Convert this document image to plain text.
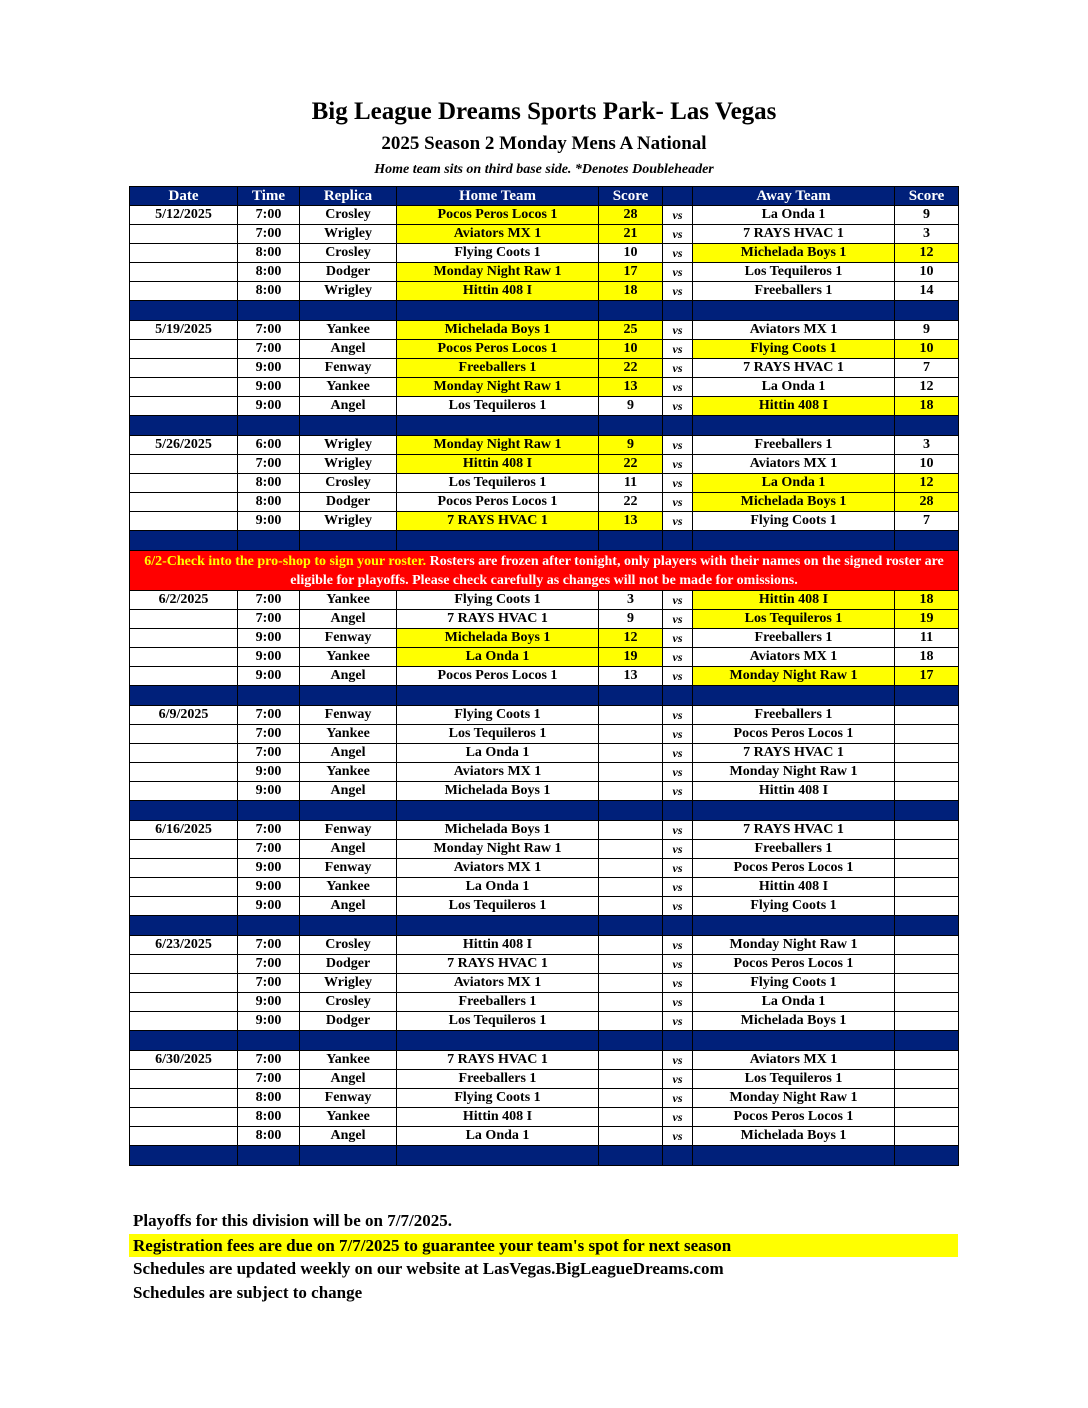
Big League Dreams Sports Park- Las Vegas
2025 Season 2 Monday Mens A National
Home team sits on third base side. *Denotes Doubleheader
Date	Time	Replica	Home Team	Score		Away Team	Score
5/12/2025	7:00	Crosley	Pocos Peros Locos 1	28	vs	La Onda 1	9
	7:00	Wrigley	Aviators MX 1	21	vs	7 RAYS HVAC 1	3
	8:00	Crosley	Flying Coots 1	10	vs	Michelada Boys 1	12
	8:00	Dodger	Monday Night Raw 1	17	vs	Los Tequileros 1	10
	8:00	Wrigley	Hittin 408 I	18	vs	Freeballers 1	14

5/19/2025	7:00	Yankee	Michelada Boys 1	25	vs	Aviators MX 1	9
	7:00	Angel	Pocos Peros Locos 1	10	vs	Flying Coots 1	10
	9:00	Fenway	Freeballers 1	22	vs	7 RAYS HVAC 1	7
	9:00	Yankee	Monday Night Raw 1	13	vs	La Onda 1	12
	9:00	Angel	Los Tequileros 1	9	vs	Hittin 408 I	18

5/26/2025	6:00	Wrigley	Monday Night Raw 1	9	vs	Freeballers 1	3
	7:00	Wrigley	Hittin 408 I	22	vs	Aviators MX 1	10
	8:00	Crosley	Los Tequileros 1	11	vs	La Onda 1	12
	8:00	Dodger	Pocos Peros Locos 1	22	vs	Michelada Boys 1	28
	9:00	Wrigley	7 RAYS HVAC 1	13	vs	Flying Coots 1	7

6/2-Check into the pro-shop to sign your roster. Rosters are frozen after tonight, only players with their names on the signed roster are eligible for playoffs. Please check carefully as changes will not be made for omissions.							
6/2/2025	7:00	Yankee	Flying Coots 1	3	vs	Hittin 408 I	18
	7:00	Angel	7 RAYS HVAC 1	9	vs	Los Tequileros 1	19
	9:00	Fenway	Michelada Boys 1	12	vs	Freeballers 1	11
	9:00	Yankee	La Onda 1	19	vs	Aviators MX 1	18
	9:00	Angel	Pocos Peros Locos 1	13	vs	Monday Night Raw 1	17

6/9/2025	7:00	Fenway	Flying Coots 1		vs	Freeballers 1	
	7:00	Yankee	Los Tequileros 1		vs	Pocos Peros Locos 1	
	7:00	Angel	La Onda 1		vs	7 RAYS HVAC 1	
	9:00	Yankee	Aviators MX 1		vs	Monday Night Raw 1	
	9:00	Angel	Michelada Boys 1		vs	Hittin 408 I	

6/16/2025	7:00	Fenway	Michelada Boys 1		vs	7 RAYS HVAC 1	
	7:00	Angel	Monday Night Raw 1		vs	Freeballers 1	
	9:00	Fenway	Aviators MX 1		vs	Pocos Peros Locos 1	
	9:00	Yankee	La Onda 1		vs	Hittin 408 I	
	9:00	Angel	Los Tequileros 1		vs	Flying Coots 1	

6/23/2025	7:00	Crosley	Hittin 408 I		vs	Monday Night Raw 1	
	7:00	Dodger	7 RAYS HVAC 1		vs	Pocos Peros Locos 1	
	7:00	Wrigley	Aviators MX 1		vs	Flying Coots 1	
	9:00	Crosley	Freeballers 1		vs	La Onda 1	
	9:00	Dodger	Los Tequileros 1		vs	Michelada Boys 1	

6/30/2025	7:00	Yankee	7 RAYS HVAC 1		vs	Aviators MX 1	
	7:00	Angel	Freeballers 1		vs	Los Tequileros 1	
	8:00	Fenway	Flying Coots 1		vs	Monday Night Raw 1	
	8:00	Yankee	Hittin 408 I		vs	Pocos Peros Locos 1	
	8:00	Angel	La Onda 1		vs	Michelada Boys 1	

Playoffs for this division will be on 7/7/2025.
Registration fees are due on 7/7/2025 to guarantee your team's spot for next season
Schedules are updated weekly on our website at LasVegas.BigLeagueDreams.com
Schedules are subject to change
